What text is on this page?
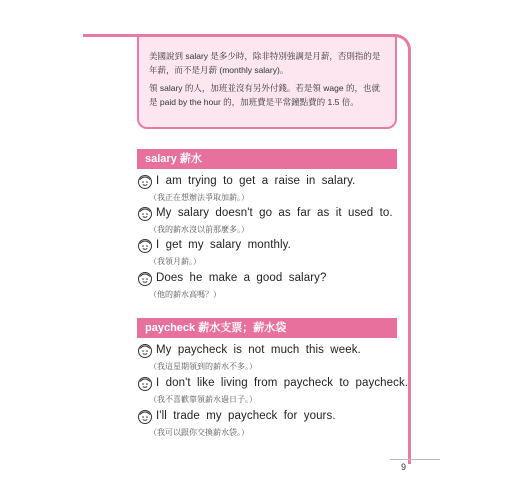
美國說到 salary 是多少時，除非特別強調是月薪，否則指的是年薪，而不是月薪 (monthly salary)。

領 salary 的人，加班並沒有另外付錢。若是領 wage 的，也就是 paid by the hour 的，加班費是平常鐘點費的 1.5 倍。

salary 薪水
I am trying to get a raise in salary.
（我正在想辦法爭取加薪。）
My salary doesn't go as far as it used to.
（我的薪水沒以前那麼多。）
I get my salary monthly.
（我領月薪。）
Does he make a good salary?
（他的薪水高嗎？）
paycheck 薪水支票；薪水袋
My paycheck is not much this week.
（我這星期領到的薪水不多。）
I don't like living from paycheck to paycheck.
（我不喜歡靠領薪水過日子。）
I'll trade my paycheck for yours.
（我可以跟你交換薪水袋。）
9
